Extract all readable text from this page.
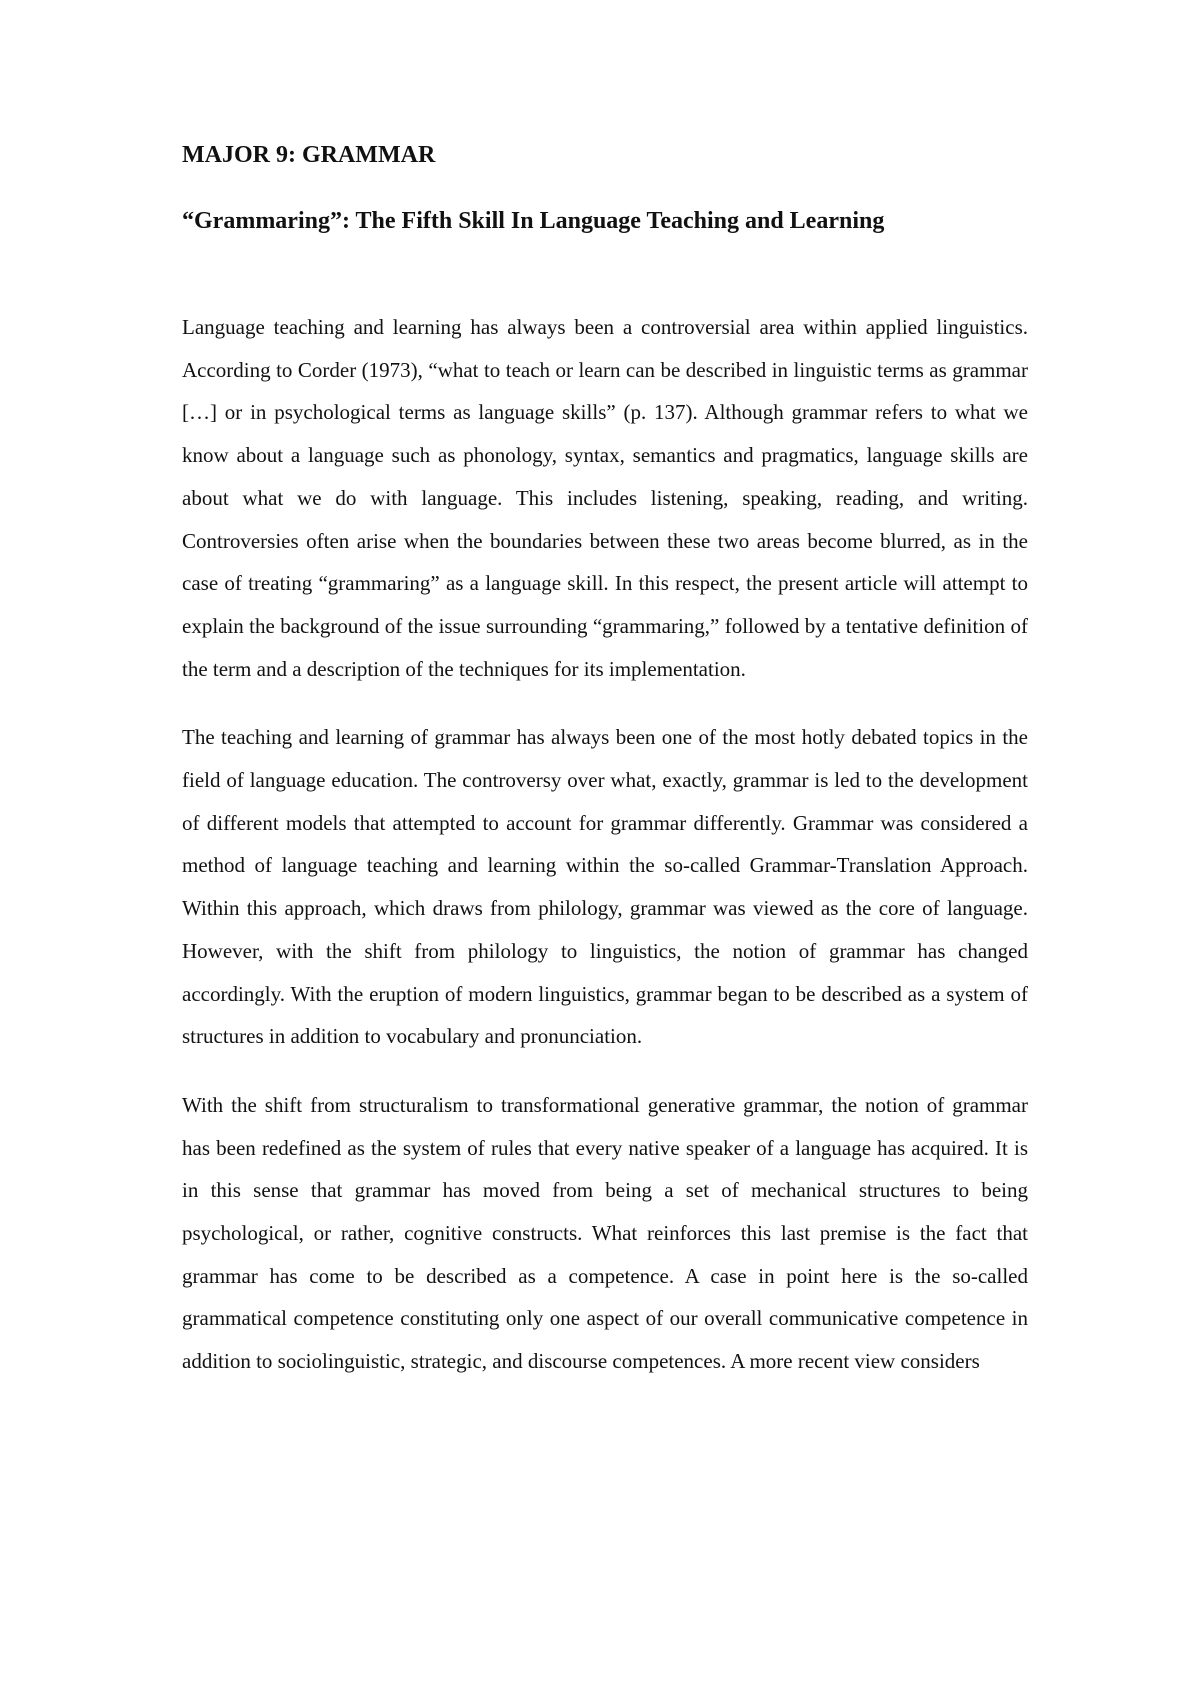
MAJOR 9: GRAMMAR
“Grammaring”: The Fifth Skill In Language Teaching and Learning

Language teaching and learning has always been a controversial area within applied linguistics. According to Corder (1973), “what to teach or learn can be described in linguistic terms as grammar […] or in psychological terms as language skills” (p. 137). Although grammar refers to what we know about a language such as phonology, syntax, semantics and pragmatics, language skills are about what we do with language. This includes listening, speaking, reading, and writing. Controversies often arise when the boundaries between these two areas become blurred, as in the case of treating “grammaring” as a language skill. In this respect, the present article will attempt to explain the background of the issue surrounding “grammaring,” followed by a tentative definition of the term and a description of the techniques for its implementation.

The teaching and learning of grammar has always been one of the most hotly debated topics in the field of language education. The controversy over what, exactly, grammar is led to the development of different models that attempted to account for grammar differently. Grammar was considered a method of language teaching and learning within the so-called Grammar-Translation Approach. Within this approach, which draws from philology, grammar was viewed as the core of language. However, with the shift from philology to linguistics, the notion of grammar has changed accordingly. With the eruption of modern linguistics, grammar began to be described as a system of structures in addition to vocabulary and pronunciation.

With the shift from structuralism to transformational generative grammar, the notion of grammar has been redefined as the system of rules that every native speaker of a language has acquired. It is in this sense that grammar has moved from being a set of mechanical structures to being psychological, or rather, cognitive constructs. What reinforces this last premise is the fact that grammar has come to be described as a competence. A case in point here is the so-called grammatical competence constituting only one aspect of our overall communicative competence in addition to sociolinguistic, strategic, and discourse competences. A more recent view considers
